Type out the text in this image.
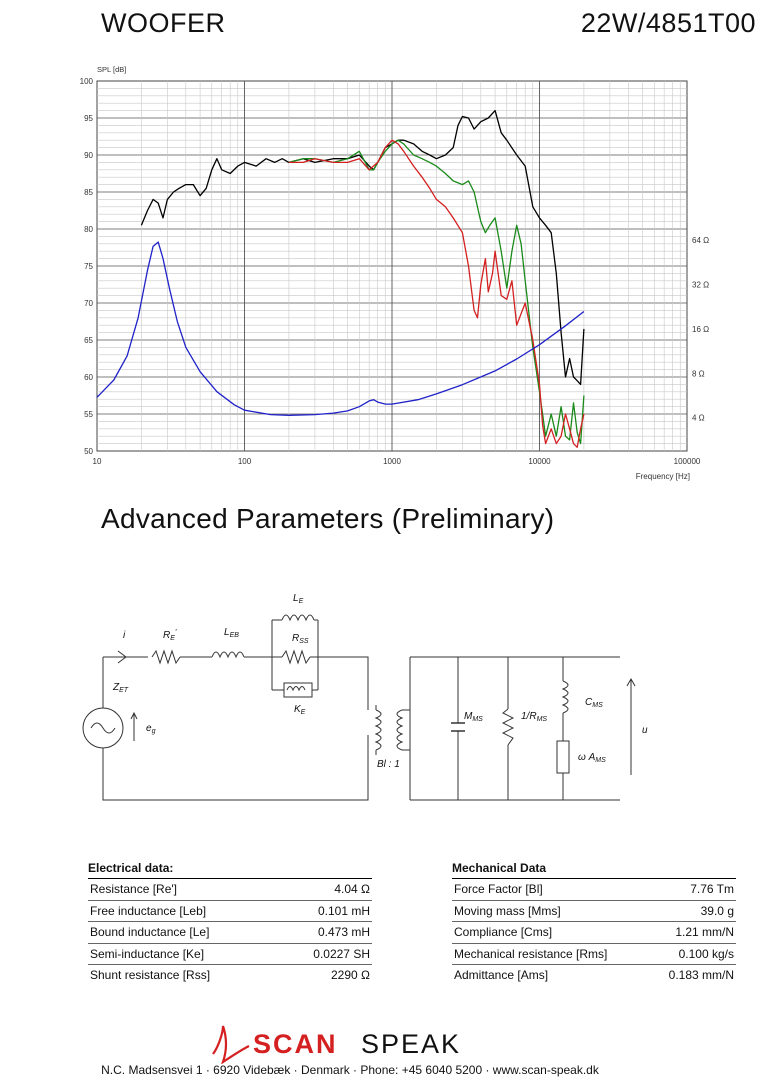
WOOFER	22W/4851T00
100
95
90
85
80
75
70
65
60
55
50
10	100	1000	10000	100000
64 Ω
32 Ω
16 Ω
8 Ω
4 Ω
SPL [dB]
Frequency [Hz]
Advanced Parameters (Preliminary)
i	$R_E'$	$L_{EB}$
$L_E$
$R_{SS}$
$K_E$
$Z_{ET}$
$e_g$
Bl : 1
$M_{MS}$	$1/R_{MS}$
$C_{MS}$
ω $A_{MS}$
u
Electrical data:
Resistance [Re']	4.04 Ω
Free inductance [Leb]	0.101 mH
Bound inductance [Le]	0.473 mH
Semi-inductance [Ke]	0.0227 SH
Shunt resistance [Rss]	2290 Ω
Mechanical Data
Force Factor [Bl]	7.76 Tm
Moving mass [Mms]	39.0 g
Compliance [Cms]	1.21 mm/N
Mechanical resistance [Rms]	0.100 kg/s
Admittance [Ams]	0.183 mm/N
SCAN SPEAK
N.C. Madsensvei 1 · 6920 Videbæk · Denmark · Phone: +45 6040 5200 · www.scan-speak.dk
